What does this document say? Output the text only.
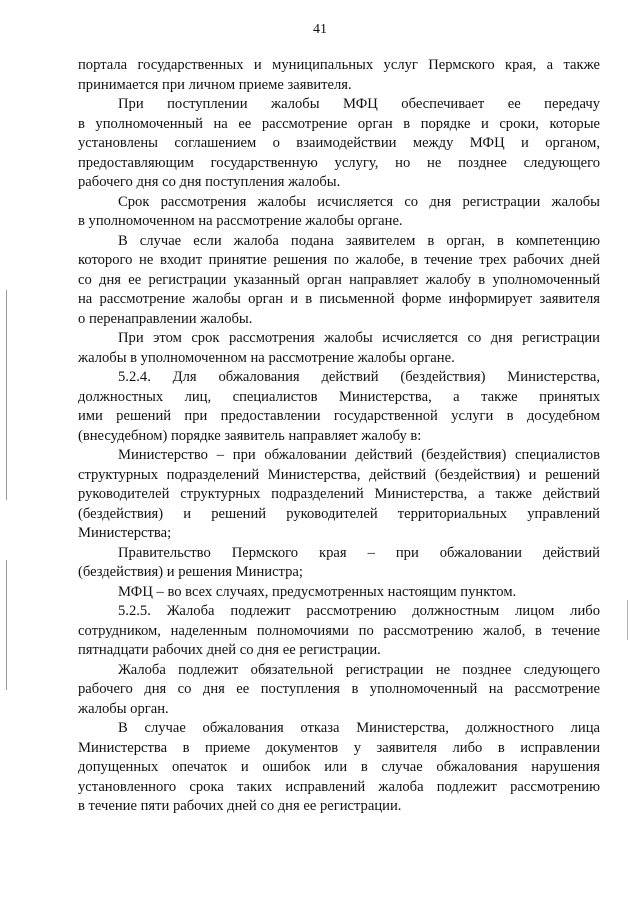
41
портала государственных и муниципальных услуг Пермского края, а также
принимается при личном приеме заявителя.
При поступлении жалобы МФЦ обеспечивает ее передачу
в уполномоченный на ее рассмотрение орган в порядке и сроки, которые
установлены соглашением о взаимодействии между МФЦ и органом,
предоставляющим государственную услугу, но не позднее следующего
рабочего дня со дня поступления жалобы.
Срок рассмотрения жалобы исчисляется со дня регистрации жалобы
в уполномоченном на рассмотрение жалобы органе.
В случае если жалоба подана заявителем в орган, в компетенцию
которого не входит принятие решения по жалобе, в течение трех рабочих дней
со дня ее регистрации указанный орган направляет жалобу в уполномоченный
на рассмотрение жалобы орган и в письменной форме информирует заявителя
о перенаправлении жалобы.
При этом срок рассмотрения жалобы исчисляется со дня регистрации
жалобы в уполномоченном на рассмотрение жалобы органе.
5.2.4. Для обжалования действий (бездействия) Министерства,
должностных лиц, специалистов Министерства, а также принятых
ими решений при предоставлении государственной услуги в досудебном
(внесудебном) порядке заявитель направляет жалобу в:
Министерство – при обжаловании действий (бездействия) специалистов
структурных подразделений Министерства, действий (бездействия) и решений
руководителей структурных подразделений Министерства, а также действий
(бездействия) и решений руководителей территориальных управлений
Министерства;
Правительство Пермского края – при обжаловании действий
(бездействия) и решения Министра;
МФЦ – во всех случаях, предусмотренных настоящим пунктом.
5.2.5. Жалоба подлежит рассмотрению должностным лицом либо
сотрудником, наделенным полномочиями по рассмотрению жалоб, в течение
пятнадцати рабочих дней со дня ее регистрации.
Жалоба подлежит обязательной регистрации не позднее следующего
рабочего дня со дня ее поступления в уполномоченный на рассмотрение
жалобы орган.
В случае обжалования отказа Министерства, должностного лица
Министерства в приеме документов у заявителя либо в исправлении
допущенных опечаток и ошибок или в случае обжалования нарушения
установленного срока таких исправлений жалоба подлежит рассмотрению
в течение пяти рабочих дней со дня ее регистрации.
